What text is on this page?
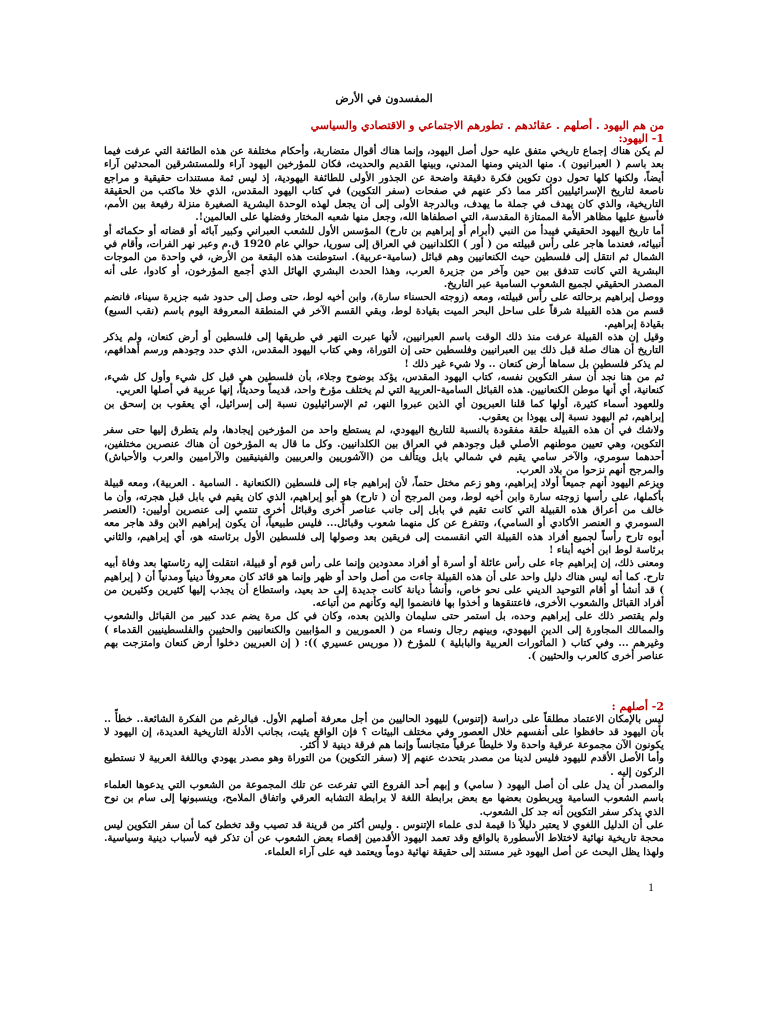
المفسدون في الأرض
من هم اليهود . أصلهم . عقائدهم . تطورهم الاجتماعي و الاقتصادي والسياسي
1- اليهود:

لم يكن هناك إجماع تاريخي متفق عليه حول أصل اليهود، وإنما هناك أقوال متضاربة، وأحكام مختلفة عن هذه الطائفة التي عرفت فيما بعد باسم ( العبرانيون ). منها الديني ومنها المدني، وبينها القديم والحديث، فكان للمؤرخين اليهود آراء وللمستشرقين المحدثين آراء أيضاً، ولكنها كلها تحول دون تكوين فكرة دقيقة واضحة عن الجذور الأولى للطائفة اليهودية، إذ ليس ثمة مستندات حقيقية و مراجع ناصعة لتاريخ الإسرائيليين أكثر مما ذكر عنهم في صفحات (سفر التكوين) في كتاب اليهود المقدس، الذي خلا ماكتب من الحقيقة التاريخية، والذي كان يهدف في جملة ما يهدف، وبالدرجة الأولى إلى أن يجعل لهذه الوحدة البشرية الصغيرة منزلة رفيعة بين الأمم، فأسبغ عليها مظاهر الأمة الممتازة المقدسة، التي اصطفاها الله، وجعل منها شعبه المختار وفضلها على العالمين!.

أما تاريخ اليهود الحقيقي فيبدأ من النبي (أبرام أو إبراهيم بن تارح) المؤسس الأول للشعب العبراني وكبير آبائه أو قضاته أو حكمائه أو أنبيائه، فعندما هاجر على رأس قبيلته من ( أور ) الكلدانيين في العراق إلى سوريا، حوالي عام 1920 ق.م وعبر نهر الفرات، وأقام في الشمال ثم انتقل إلى فلسطين حيث الكنعانيين وهم قبائل (سامية-عربية). استوطنت هذه البقعة من الأرض، في واحدة من الموجات البشرية التي كانت تتدفق بين حين وآخر من جزيرة العرب، وهذا الحدث البشري الهائل الذي أجمع المؤرخون، أو كادوا، على أنه المصدر الحقيقي لجميع الشعوب السامية عبر التاريخ.

ووصل إبراهيم برحالته على رأس قبيلته، ومعه (زوجته الحسناء سارة)، وابن أخيه لوط، حتى وصل إلى حدود شبه جزيرة سيناء، فانضم قسم من هذه القبيلة شرقاً على ساحل البحر الميت بقيادة لوط، وبقي القسم الآخر في المنطقة المعروفة اليوم باسم (نقب السبع) بقيادة إبراهيم.

وقيل إن هذه القبيلة عرفت منذ ذلك الوقت باسم العبرانيين، لأنها عبرت النهر في طريقها إلى فلسطين أو أرض كنعان، ولم يذكر التاريخ أن هناك صلة قبل ذلك بين العبرانيين وفلسطين حتى إن التوراة، وهي كتاب اليهود المقدس، الذي حدد وجودهم ورسم أهدافهم، لم يذكر فلسطين بل سماها أرض كنعان .. ولا شيء غير ذلك !

ثم من هنا نجد أن سفر التكوين نفسه، كتاب اليهود المقدس، يؤكد بوضوح وجلاء، بأن فلسطين هي قبل كل شيء وأول كل شيء، كنعانية، أي أنها موطن الكنعانيين. هذه القبائل السامية-العربية التي لم يختلف مؤرخ واحد، قديماً وحديثاً، إنها عربية في أصلها العربي.

وللعهود أسماء كثيرة، أولها كما قلنا العبريون أي الذين عبروا النهر، ثم الإسرائيليون نسبة إلى إسرائيل، أي يعقوب بن إسحق بن إبراهيم، ثم اليهود نسبة إلى يهوذا بن يعقوب.

ولاشك في أن هذه القبيلة حلقة مفقودة بالنسبة للتاريخ اليهودي، لم يستطع واحد من المؤرخين إيجادها، ولم يتطرق إليها حتى سفر التكوين، وهي تعيين موطنهم الأصلي قبل وجودهم في العراق بين الكلدانيين. وكل ما قال به المؤرخون أن هناك عنصرين مختلفين، أحدهما سومري، والآخر سامي يقيم في شمالي بابل ويتألف من (الآشوريين والعربيين والفينيقيين والآراميين والعرب والأحباش) والمرجح أنهم نزحوا من بلاد العرب.

ويزعم اليهود أنهم جميعاً أولاد إبراهيم، وهو زعم مختل حتماً، لأن إبراهيم جاء إلى فلسطين (الكنعانية . السامية . العربية)، ومعه قبيلة بأكملها، على رأسها زوجته سارة وابن أخيه لوط، ومن المرجح أن ( تارح) هو أبو إبراهيم، الذي كان يقيم في بابل قبل هجرته، وأن ما خالف من أعراق هذه القبيلة التي كانت تقيم في بابل إلى جانب عناصر أخرى وقبائل أخرى تنتمي إلى عنصرين أوليين: (العنصر السومري و العنصر الأكادي أو السامي)، وتتفرع عن كل منهما شعوب وقبائل... فليس طبيعياً، أن يكون إبراهيم الابن وقد هاجر معه أبوه تارح رأساً لجميع أفراد هذه القبيلة التي انقسمت إلى فريقين بعد وصولها إلى فلسطين الأول برئاسته هو، أي إبراهيم، والثاني برئاسة لوط ابن أخيه أبناء !

ومعنى ذلك، إن إبراهيم جاء على رأس عائلة أو أسرة أو أفراد معدودين وإنما على رأس قوم أو قبيلة، انتقلت إليه رئاستها بعد وفاة أبيه تارح. كما أنه ليس هناك دليل واحد على أن هذه القبيلة جاءت من أصل واحد أو ظهر وإنما هو قائد كان معروفاً دينياً ومدنياً أن ( إبراهيم ) قد أنشأ أو أقام التوحيد الديني على نحو خاص، وأنشأ ديانة كانت جديدة إلى حد بعيد، واستطاع أن يجذب إليها كثيرين وكثيرين من أفراد القبائل والشعوب الأخرى، فاعتنقوها و أخذوا بها فانضموا إليه وكأنهم من أتباعه.

ولم يقتصر ذلك على إبراهيم وحده، بل استمر حتى سليمان والذين بعده، وكان في كل مرة يضم عدد كبير من القبائل والشعوب والممالك المجاورة إلى الدين اليهودي، وبينهم رجال ونساء من ( العموريين و المؤابيين والكنعانيين والحثيين والفلسطينيين القدماء ) وغيرهم ... وفي كتاب ( المأثورات العربية والبابلية ) للمؤرخ (( موريس عسيري )): ( إن العبريين دخلوا أرض كنعان وامتزجت بهم عناصر أخرى كالعرب والحثيين ).

2- أصلهم :

ليس بالإمكان الاعتماد مطلقاً على دراسة (إتنوس) لليهود الحاليين من أجل معرفة أصلهم الأول. فبالرغم من الفكرة الشائعة.. خطأً .. بأن اليهود قد حافظوا على أنفسهم خلال العصور وفي مختلف البيئات ؟ فإن الواقع يثبت، بجانب الأدلة التاريخية العديدة، إن اليهود لا يكونون الآن مجموعة عرقية واحدة ولا خليطاً عرقياً متجانساً وإنما هم فرقة دينية لا أكثر.

وأما الأصل الأقدم لليهود فليس لدينا من مصدر بتحدث عنهم إلا (سفر التكوين) من التوراة وهو مصدر يهودي وباللغة العربية لا نستطيع الركون إليه .

والمصدر أن يدل على أن أصل اليهود ( سامي) و إبهم أحد الفروع التي تفرعت عن تلك المجموعة من الشعوب التي يدعوها العلماء باسم الشعوب السامية ويربطون بعضها مع بعض برابطة اللغة لا برابطة التشابه العرقي واتفاق الملامح، وينسبونها إلى سام بن نوح الذي يذكر سفر التكوين أنه جد كل الشعوب.

على أن الدليل اللغوي لا يعتبر دليلاً ذا قيمة لدى علماء الإتنوس . وليس أكثر من قرينة قد تصيب وقد تخطئ كما أن سفر التكوين ليس محجة تاريخية نهائية لاختلاط الأسطورة بالواقع وقد تعمد اليهود الأقدمين إقصاء بعض الشعوب عن أن تذكر فيه لأسباب دينية وسياسية. ولهذا يظل البحث عن أصل اليهود غير مستند إلى حقيقة نهائية دوماً ويعتمد فيه على آراء العلماء.

1
